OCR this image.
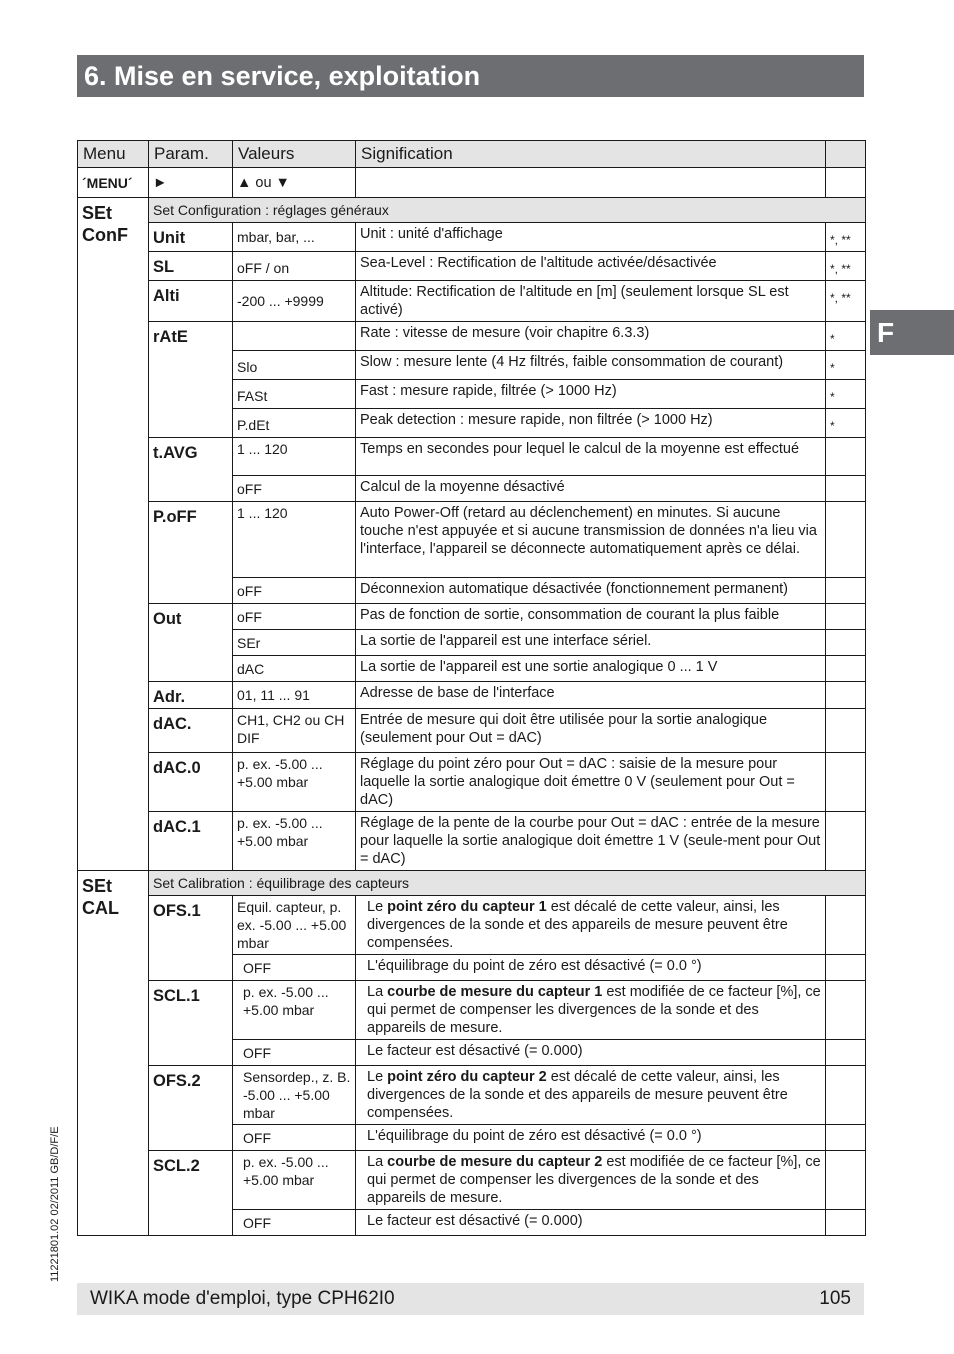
6. Mise en service, exploitation
F
11221801.02 02/2011 GB/D/F/E
Menu	Param.	Valeurs	Signification	
´MENU´	►	▲ ou ▼		
SEt ConF	Set Configuration : réglages généraux			
	Unit	mbar, bar, ...	Unit : unité d'affichage	*, **
	SL	oFF / on	Sea-Level : Rectification de l'altitude activée/désactivée	*, **
	Alti	-200 ... +9999	Altitude: Rectification de l'altitude en [m] (seulement lorsque SL est activé)	*, **
	rAtE		Rate : vitesse de mesure (voir chapitre 6.3.3)	*
		Slo	Slow : mesure lente (4 Hz filtrés, faible consommation de courant)	*
		FASt	Fast : mesure rapide, filtrée (> 1000 Hz)	*
		P.dEt	Peak detection : mesure rapide, non filtrée (> 1000 Hz)	*
	t.AVG	1 ... 120	Temps en secondes pour lequel le calcul de la moyenne est effectué	
		oFF	Calcul de la moyenne désactivé	
	P.oFF	1 ... 120	Auto Power-Off (retard au déclenchement) en minutes. Si aucune touche n'est appuyée et si aucune transmission de données n'a lieu via l'interface, l'appareil se déconnecte automatiquement après ce délai.	
		oFF	Déconnexion automatique désactivée (fonctionnement permanent)	
	Out	oFF	Pas de fonction de sortie, consommation de courant la plus faible	
		SEr	La sortie de l'appareil est une interface sériel.	
		dAC	La sortie de l'appareil est une sortie analogique 0 ... 1 V	
	Adr.	01, 11 ... 91	Adresse de base de l'interface	
	dAC.	CH1, CH2 ou CH DIF	Entrée de mesure qui doit être utilisée pour la sortie analogique (seulement pour Out = dAC)	
	dAC.0	p. ex. -5.00 ... +5.00 mbar	Réglage du point zéro pour Out = dAC : saisie de la mesure pour laquelle la sortie analogique doit émettre 0 V (seulement pour Out = dAC)	
	dAC.1	p. ex. -5.00 ... +5.00 mbar	Réglage de la pente de la courbe pour Out = dAC : entrée de la mesure pour laquelle la sortie analogique doit émettre 1 V (seule-ment pour Out = dAC)	
SEt CAL	Set Calibration : équilibrage des capteurs			
	OFS.1	Equil. capteur, p. ex. -5.00 ... +5.00 mbar	Le point zéro du capteur 1 est décalé de cette valeur, ainsi, les divergences de la sonde et des appareils de mesure peuvent être compensées.	
		OFF	L'équilibrage du point de zéro est désactivé (= 0.0 °)	
	SCL.1	p. ex. -5.00 ... +5.00 mbar	La courbe de mesure du capteur 1 est modifiée de ce facteur [%], ce qui permet de compenser les divergences de la sonde et des appareils de mesure.	
		OFF	Le facteur est désactivé (= 0.000)	
	OFS.2	Sensordep., z. B. -5.00 ... +5.00 mbar	Le point zéro du capteur 2 est décalé de cette valeur, ainsi, les divergences de la sonde et des appareils de mesure peuvent être compensées.	
		OFF	L'équilibrage du point de zéro est désactivé (= 0.0 °)	
	SCL.2	p. ex. -5.00 ... +5.00 mbar	La courbe de mesure du capteur 2 est modifiée de ce facteur [%], ce qui permet de compenser les divergences de la sonde et des appareils de mesure.	
		OFF	Le facteur est désactivé (= 0.000)	
WIKA mode d'emploi, type CPH62I0	105
